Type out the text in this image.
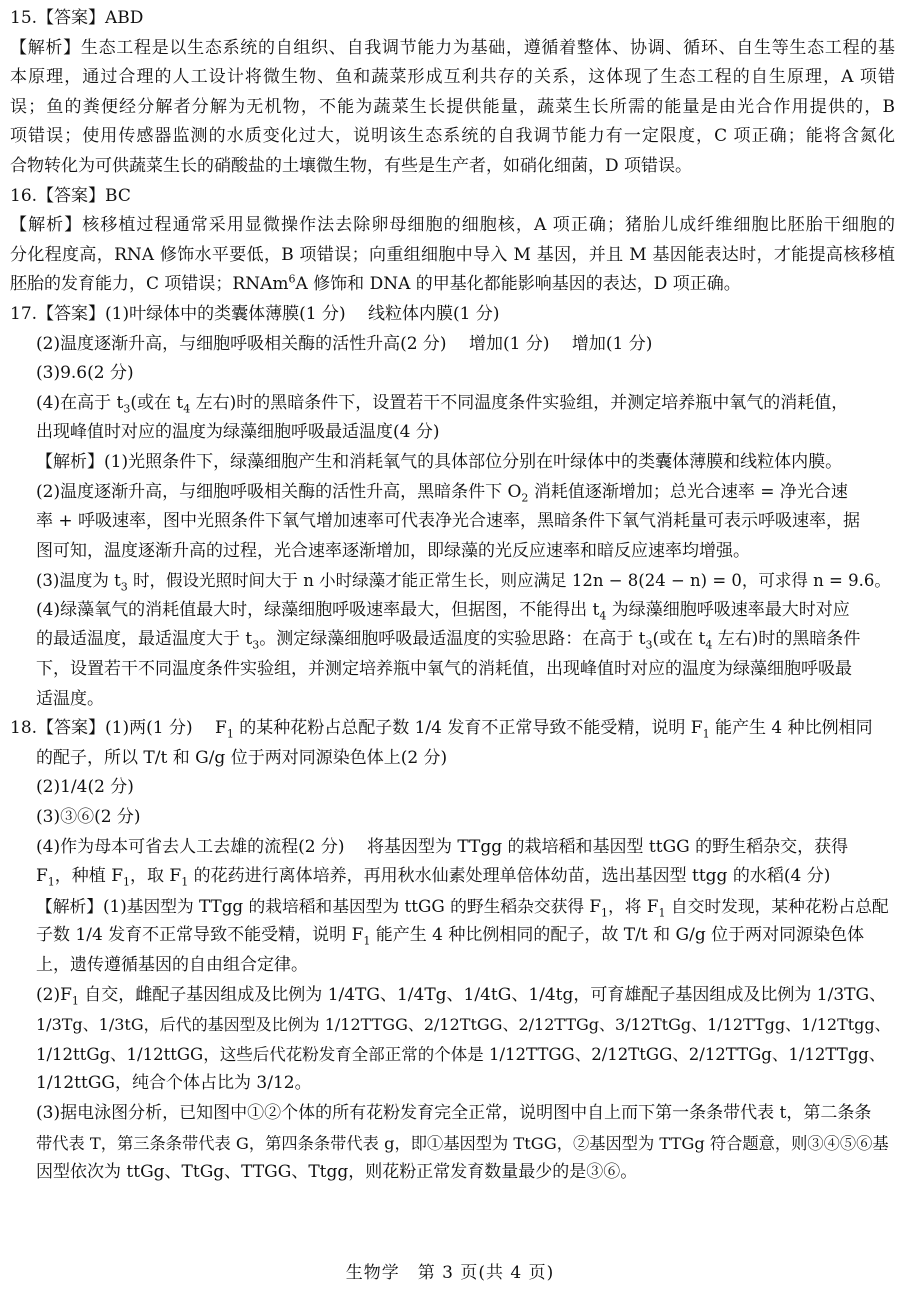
15.【答案】ABD
【解析】生态工程是以生态系统的自组织、自我调节能力为基础，遵循着整体、协调、循环、自生等生态工程的基
本原理，通过合理的人工设计将微生物、鱼和蔬菜形成互利共存的关系，这体现了生态工程的自生原理，A 项错
误；鱼的粪便经分解者分解为无机物，不能为蔬菜生长提供能量，蔬菜生长所需的能量是由光合作用提供的，B
项错误；使用传感器监测的水质变化过大，说明该生态系统的自我调节能力有一定限度，C 项正确；能将含氮化
合物转化为可供蔬菜生长的硝酸盐的土壤微生物，有些是生产者，如硝化细菌，D 项错误。
16.【答案】BC
【解析】核移植过程通常采用显微操作法去除卵母细胞的细胞核，A 项正确；猪胎儿成纤维细胞比胚胎干细胞的
分化程度高，RNA 修饰水平要低，B 项错误；向重组细胞中导入 M 基因，并且 M 基因能表达时，才能提高核移植
胚胎的发育能力，C 项错误；RNAm$^6$A 修饰和 DNA 的甲基化都能影响基因的表达，D 项正确。
17.【答案】(1)叶绿体中的类囊体薄膜(1 分)　 线粒体内膜(1 分)
(2)温度逐渐升高，与细胞呼吸相关酶的活性升高(2 分)　 增加(1 分)　 增加(1 分)
(3)9.6(2 分)
(4)在高于 $t_3$(或在 $t_4$ 左右)时的黑暗条件下，设置若干不同温度条件实验组，并测定培养瓶中氧气的消耗值，
出现峰值时对应的温度为绿藻细胞呼吸最适温度(4 分)
【解析】(1)光照条件下，绿藻细胞产生和消耗氧气的具体部位分别在叶绿体中的类囊体薄膜和线粒体内膜。
(2)温度逐渐升高，与细胞呼吸相关酶的活性升高，黑暗条件下 $O_2$ 消耗值逐渐增加；总光合速率 = 净光合速
率 + 呼吸速率，图中光照条件下氧气增加速率可代表净光合速率，黑暗条件下氧气消耗量可表示呼吸速率，据
图可知，温度逐渐升高的过程，光合速率逐渐增加，即绿藻的光反应速率和暗反应速率均增强。
(3)温度为 $t_3$ 时，假设光照时间大于 n 小时绿藻才能正常生长，则应满足 12n − 8(24 − n) = 0，可求得 n = 9.6。
(4)绿藻氧气的消耗值最大时，绿藻细胞呼吸速率最大，但据图，不能得出 $t_4$ 为绿藻细胞呼吸速率最大时对应
的最适温度，最适温度大于 $t_3$。测定绿藻细胞呼吸最适温度的实验思路：在高于 $t_3$(或在 $t_4$ 左右)时的黑暗条件
下，设置若干不同温度条件实验组，并测定培养瓶中氧气的消耗值，出现峰值时对应的温度为绿藻细胞呼吸最
适温度。
18.【答案】(1)两(1 分)　 $F_1$ 的某种花粉占总配子数 1/4 发育不正常导致不能受精，说明 $F_1$ 能产生 4 种比例相同
的配子，所以 T/t 和 G/g 位于两对同源染色体上(2 分)
(2)1/4(2 分)
(3)③⑥(2 分)
(4)作为母本可省去人工去雄的流程(2 分)　 将基因型为 TTgg 的栽培稻和基因型 ttGG 的野生稻杂交，获得
$F_1$，种植 $F_1$，取 $F_1$ 的花药进行离体培养，再用秋水仙素处理单倍体幼苗，选出基因型 ttgg 的水稻(4 分)
【解析】(1)基因型为 TTgg 的栽培稻和基因型为 ttGG 的野生稻杂交获得 $F_1$，将 $F_1$ 自交时发现，某种花粉占总配
子数 1/4 发育不正常导致不能受精，说明 $F_1$ 能产生 4 种比例相同的配子，故 T/t 和 G/g 位于两对同源染色体
上，遗传遵循基因的自由组合定律。
$(2)F_1$ 自交，雌配子基因组成及比例为 1/4TG、1/4Tg、1/4tG、1/4tg，可育雄配子基因组成及比例为 1/3TG、
1/3Tg、1/3tG，后代的基因型及比例为 1/12TTGG、2/12TtGG、2/12TTGg、3/12TtGg、1/12TTgg、1/12Ttgg、
1/12ttGg、1/12ttGG，这些后代花粉发育全部正常的个体是 1/12TTGG、2/12TtGG、2/12TTGg、1/12TTgg、
1/12ttGG，纯合个体占比为 3/12。
(3)据电泳图分析，已知图中①②个体的所有花粉发育完全正常，说明图中自上而下第一条条带代表 t，第二条条
带代表 T，第三条条带代表 G，第四条条带代表 g，即①基因型为 TtGG，②基因型为 TTGg 符合题意，则③④⑤⑥基
因型依次为 ttGg、TtGg、TTGG、Ttgg，则花粉正常发育数量最少的是③⑥。
生物学　第 3 页(共 4 页)
